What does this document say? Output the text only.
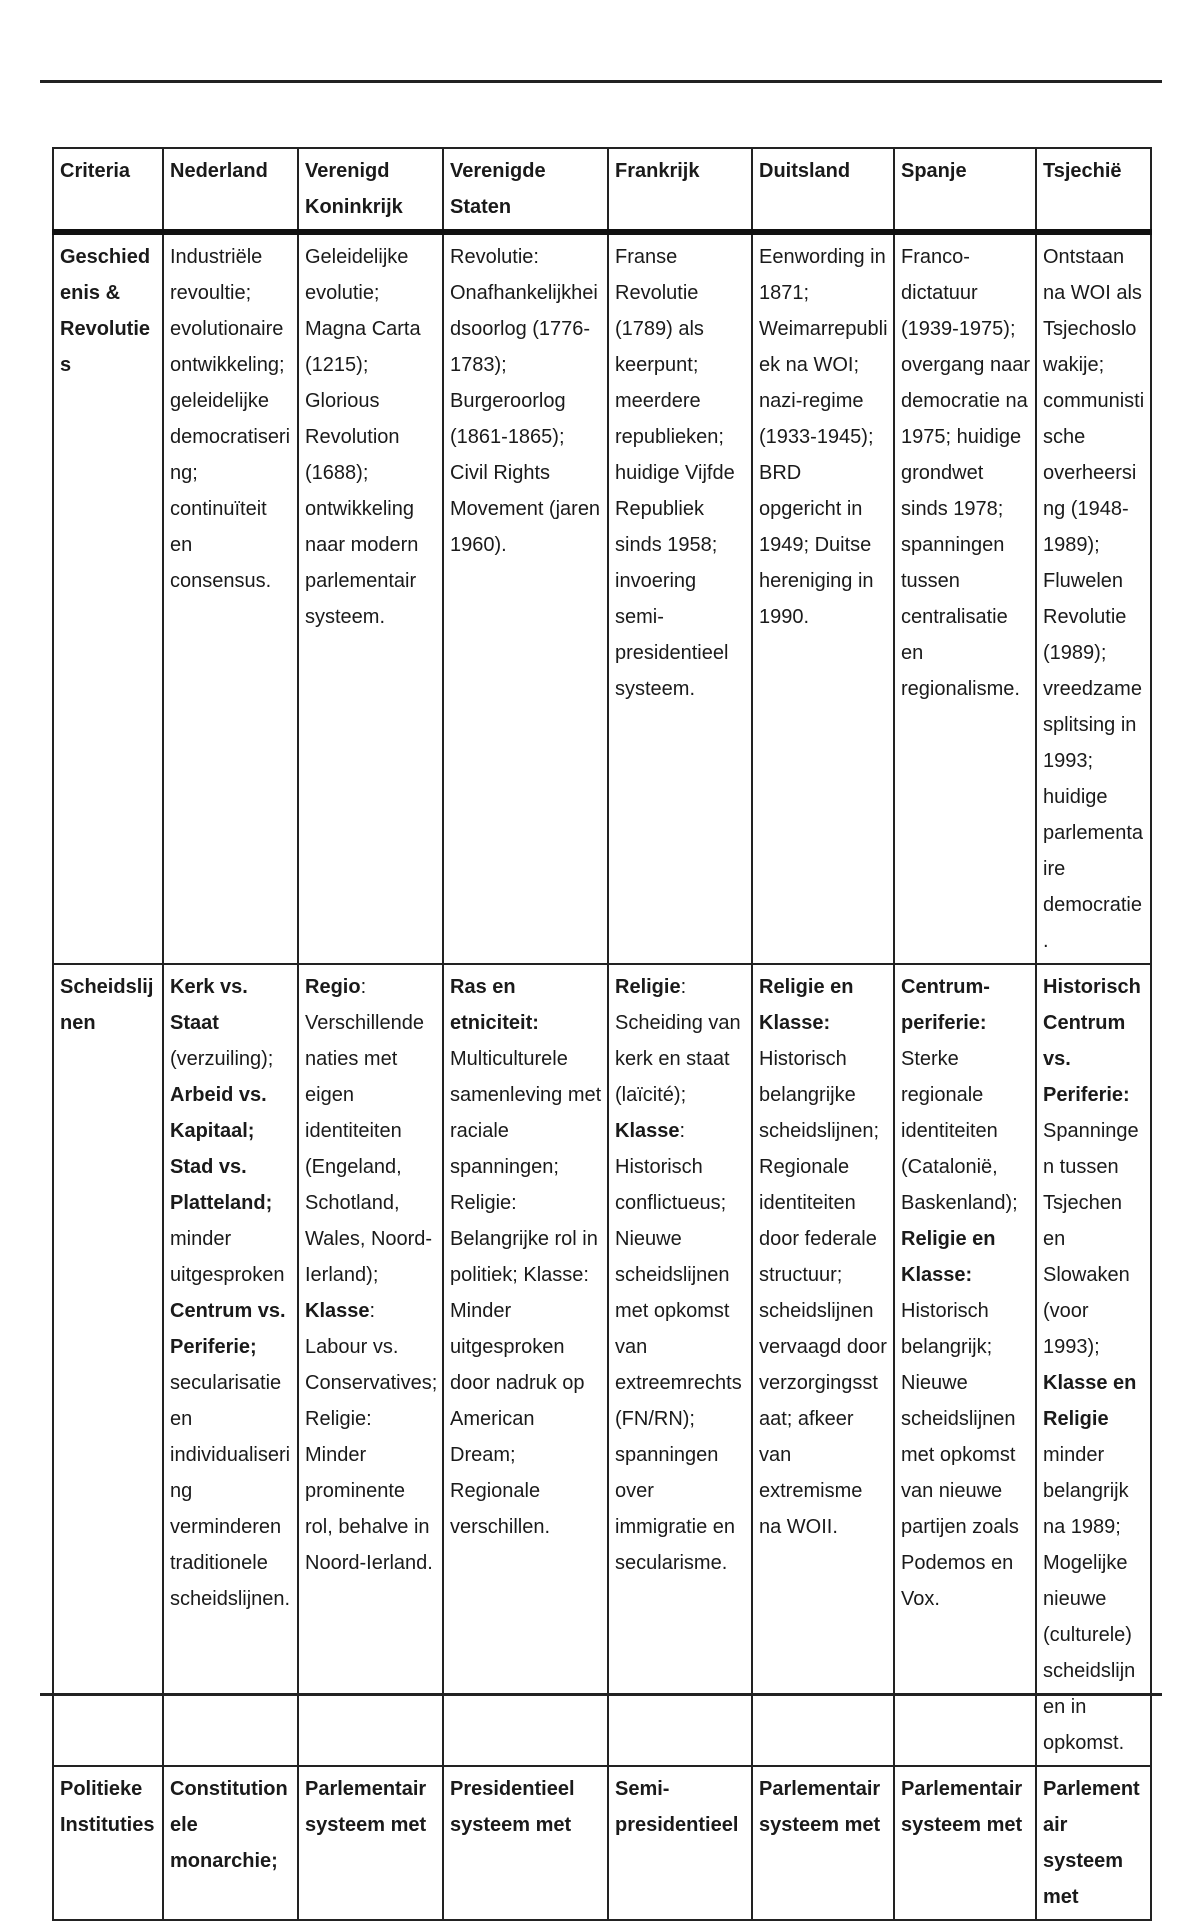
Criteria	Nederland	Verenigd Koninkrijk	Verenigde Staten	Frankrijk	Duitsland	Spanje	Tsjechië
Geschiedenis & Revoluties	Industriële revoultie; evolutionaire ontwikkeling; geleidelijke democratisering; continuïteit en consensus.	Geleidelijke evolutie; Magna Carta (1215); Glorious Revolution (1688); ontwikkeling naar modern parlementair systeem.	Revolutie: Onafhankelijkheidsoorlog (1776-1783); Burgeroorlog (1861-1865); Civil Rights Movement (jaren 1960).	Franse Revolutie (1789) als keerpunt; meerdere republieken; huidige Vijfde Republiek sinds 1958; invoering semi-presidentieel systeem.	Eenwording in 1871; Weimarrepubliek na WOI; nazi-regime (1933-1945); BRD opgericht in 1949; Duitse hereniging in 1990.	Franco-dictatuur (1939-1975); overgang naar democratie na 1975; huidige grondwet sinds 1978; spanningen tussen centralisatie en regionalisme.	Ontstaan na WOI als Tsjechoslowakije; communistische overheersing (1948-1989); Fluwelen Revolutie (1989); vreedzame splitsing in 1993; huidige parlementaire democratie.
Scheidslijnen	Kerk vs. Staat (verzuiling); Arbeid vs. Kapitaal; Stad vs. Platteland; minder uitgesproken Centrum vs. Periferie; secularisatie en individualisering verminderen traditionele scheidslijnen.	Regio: Verschillende naties met eigen identiteiten (Engeland, Schotland, Wales, Noord-Ierland); Klasse: Labour vs. Conservatives; Religie: Minder prominente rol, behalve in Noord-Ierland.	Ras en etniciteit: Multiculturele samenleving met raciale spanningen; Religie: Belangrijke rol in politiek; Klasse: Minder uitgesproken door nadruk op American Dream; Regionale verschillen.	Religie: Scheiding van kerk en staat (laïcité); Klasse: Historisch conflictueus; Nieuwe scheidslijnen met opkomst van extreemrechts (FN/RN); spanningen over immigratie en secularisme.	Religie en Klasse: Historisch belangrijke scheidslijnen; Regionale identiteiten door federale structuur; scheidslijnen vervaagd door verzorgingsstaat; afkeer van extremisme na WOII.	Centrum-periferie: Sterke regionale identiteiten (Catalonië, Baskenland); Religie en Klasse: Historisch belangrijk; Nieuwe scheidslijnen met opkomst van nieuwe partijen zoals Podemos en Vox.	Historisch Centrum vs. Periferie: Spanningen tussen Tsjechen en Slowaken (voor 1993); Klasse en Religie minder belangrijk na 1989; Mogelijke nieuwe (culturele) scheidslijnen in opkomst.
Politieke Instituties	Constitutionele monarchie;	Parlementair systeem met	Presidentieel systeem met	Semi-presidentieel	Parlementair systeem met	Parlementair systeem met	Parlementair systeem met
